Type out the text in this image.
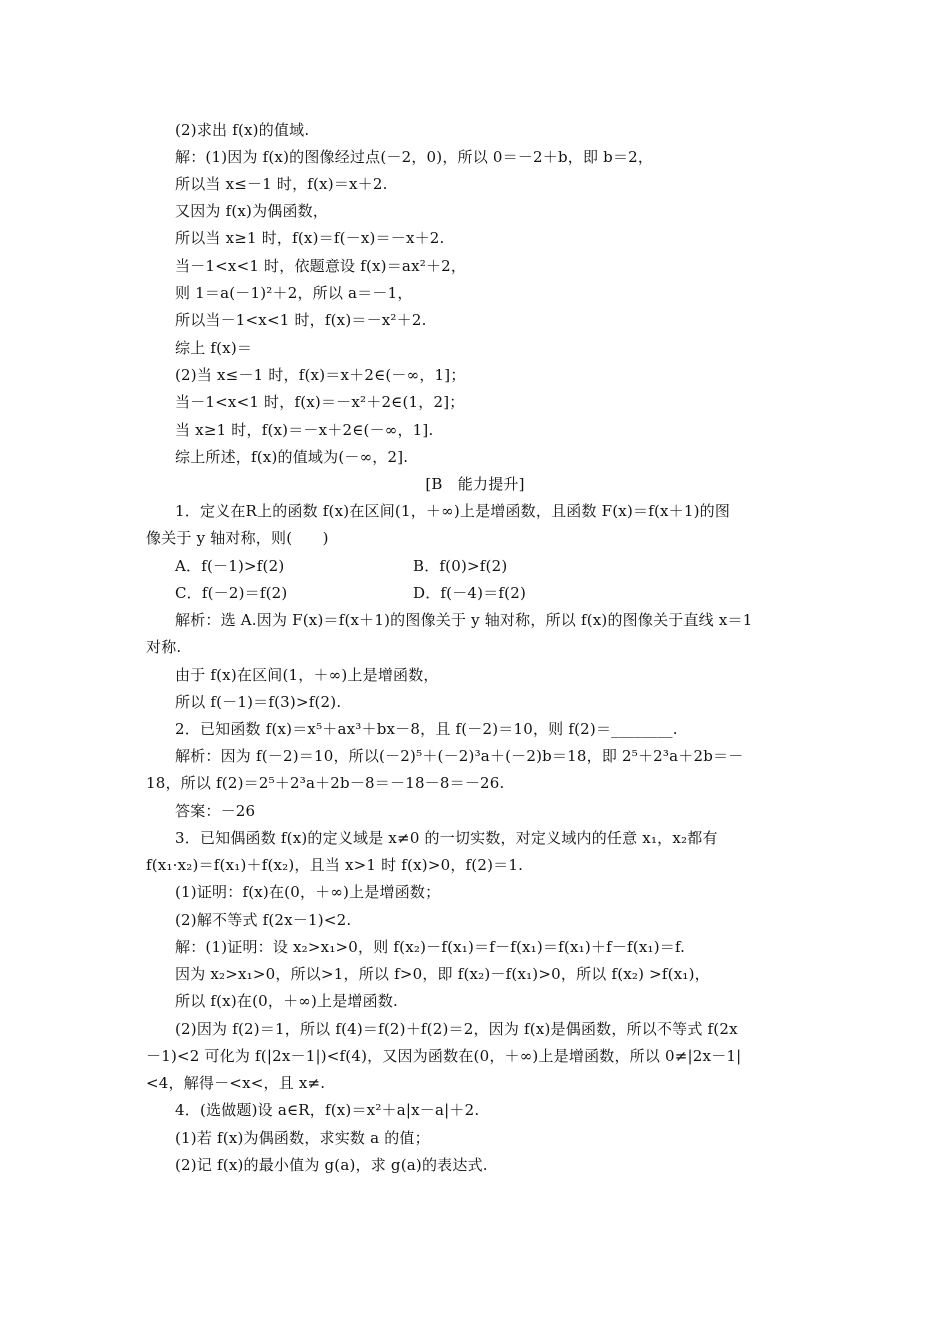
(2)求出 f(x)的值域.
解：(1)因为 f(x)的图像经过点(－2，0)，所以 0＝－2＋b，即 b＝2，
所以当 x≤－1 时，f(x)＝x＋2.
又因为 f(x)为偶函数，
所以当 x≥1 时，f(x)＝f(－x)＝－x＋2.
当－1<x<1 时，依题意设 f(x)＝ax²＋2，
则 1＝a(－1)²＋2，所以 a＝－1，
所以当－1<x<1 时，f(x)＝－x²＋2.
综上 f(x)＝
(2)当 x≤－1 时，f(x)＝x＋2∈(－∞，1]；
当－1<x<1 时，f(x)＝－x²＋2∈(1，2]；
当 x≥1 时，f(x)＝－x＋2∈(－∞，1].
综上所述，f(x)的值域为(－∞，2].
[B　能力提升]
1．定义在R上的函数 f(x)在区间(1，＋∞)上是增函数，且函数 F(x)＝f(x＋1)的图
像关于 y 轴对称，则(　　)
A．f(－1)>f(2)	B．f(0)>f(2)
C．f(－2)＝f(2)	D．f(－4)＝f(2)
解析：选 A.因为 F(x)＝f(x＋1)的图像关于 y 轴对称，所以 f(x)的图像关于直线 x＝1
对称.
由于 f(x)在区间(1，＋∞)上是增函数，
所以 f(－1)＝f(3)>f(2).
2．已知函数 f(x)＝x⁵＋ax³＋bx－8，且 f(－2)＝10，则 f(2)＝________.
解析：因为 f(－2)＝10，所以(－2)⁵＋(－2)³a＋(－2)b＝18，即 2⁵＋2³a＋2b＝－
18，所以 f(2)＝2⁵＋2³a＋2b－8＝－18－8＝－26.
答案：－26
3．已知偶函数 f(x)的定义域是 x≠0 的一切实数，对定义域内的任意 x₁，x₂都有
f(x₁·x₂)＝f(x₁)＋f(x₂)，且当 x>1 时 f(x)>0，f(2)＝1.
(1)证明：f(x)在(0，＋∞)上是增函数；
(2)解不等式 f(2x－1)<2.
解：(1)证明：设 x₂>x₁>0，则 f(x₂)－f(x₁)＝f－f(x₁)＝f(x₁)＋f－f(x₁)＝f.
因为 x₂>x₁>0，所以>1，所以 f>0，即 f(x₂)－f(x₁)>0，所以 f(x₂) >f(x₁)，
所以 f(x)在(0，＋∞)上是增函数.
(2)因为 f(2)＝1，所以 f(4)＝f(2)＋f(2)＝2，因为 f(x)是偶函数，所以不等式 f(2x
－1)<2 可化为 f(|2x－1|)<f(4)，又因为函数在(0，＋∞)上是增函数，所以 0≠|2x－1|
<4，解得－<x<，且 x≠.
4．(选做题)设 a∈R，f(x)＝x²＋a|x－a|＋2.
(1)若 f(x)为偶函数，求实数 a 的值；
(2)记 f(x)的最小值为 g(a)，求 g(a)的表达式.
